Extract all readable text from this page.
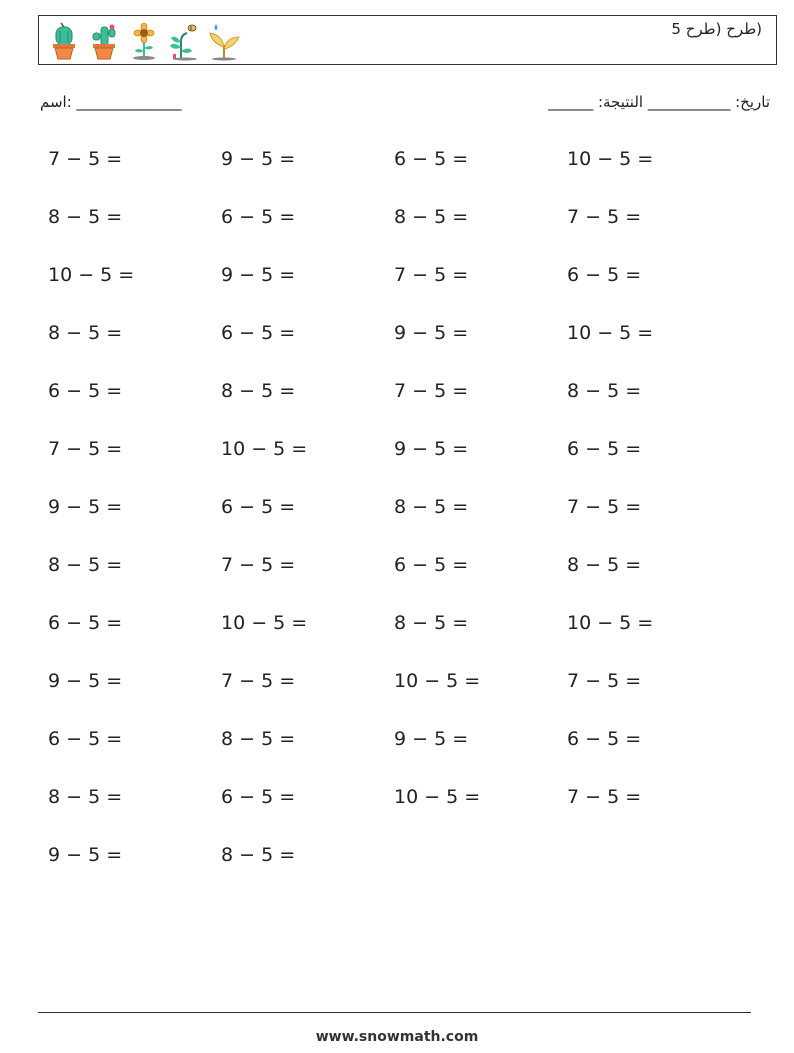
(طرح (طرح 5
اسم: ______________	______ :تاريخ: ___________ النتيجة
7 − 5 =	9 − 5 =	6 − 5 =	10 − 5 =
8 − 5 =	6 − 5 =	8 − 5 =	7 − 5 =
10 − 5 =	9 − 5 =	7 − 5 =	6 − 5 =
8 − 5 =	6 − 5 =	9 − 5 =	10 − 5 =
6 − 5 =	8 − 5 =	7 − 5 =	8 − 5 =
7 − 5 =	10 − 5 =	9 − 5 =	6 − 5 =
9 − 5 =	6 − 5 =	8 − 5 =	7 − 5 =
8 − 5 =	7 − 5 =	6 − 5 =	8 − 5 =
6 − 5 =	10 − 5 =	8 − 5 =	10 − 5 =
9 − 5 =	7 − 5 =	10 − 5 =	7 − 5 =
6 − 5 =	8 − 5 =	9 − 5 =	6 − 5 =
8 − 5 =	6 − 5 =	10 − 5 =	7 − 5 =
9 − 5 =	8 − 5 =
www.snowmath.com
